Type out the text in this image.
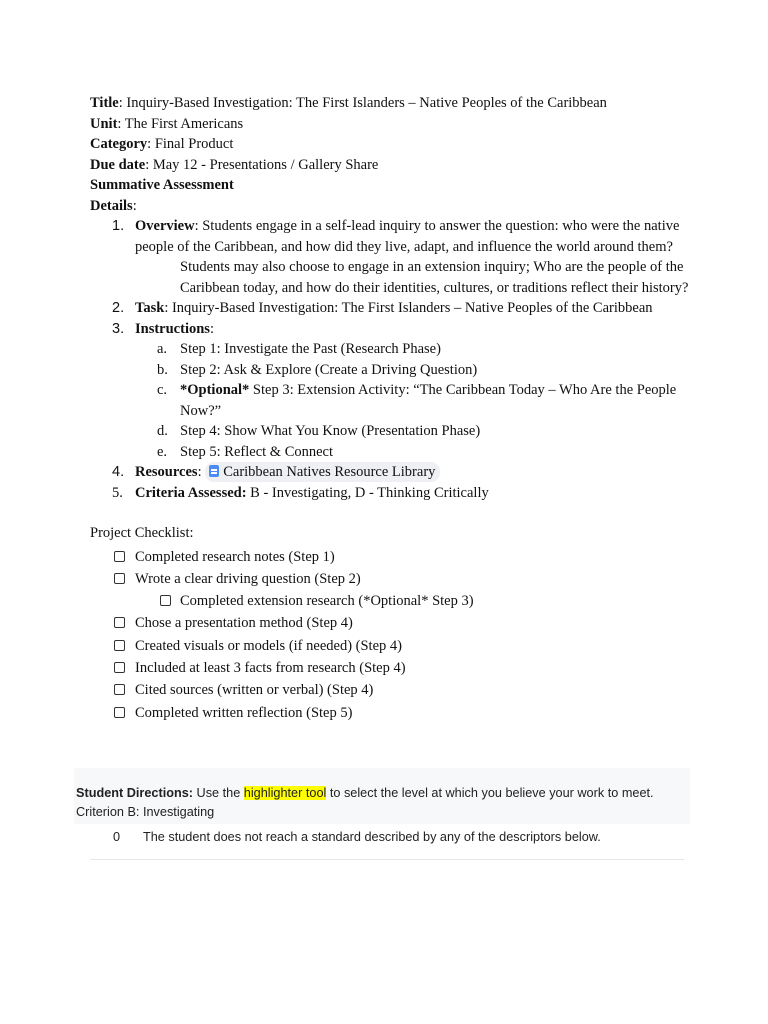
Title: Inquiry-Based Investigation: The First Islanders – Native Peoples of the Caribbean
Unit: The First Americans
Category: Final Product
Due date: May 12 - Presentations / Gallery Share
Summative Assessment
Details:
1. Overview: Students engage in a self-lead inquiry to answer the question: who were the native people of the Caribbean, and how did they live, adapt, and influence the world around them?
Students may also choose to engage in an extension inquiry; Who are the people of the Caribbean today, and how do their identities, cultures, or traditions reflect their history?
2. Task: Inquiry-Based Investigation: The First Islanders – Native Peoples of the Caribbean
3. Instructions:
a. Step 1: Investigate the Past (Research Phase)
b. Step 2: Ask & Explore (Create a Driving Question)
c. *Optional* Step 3: Extension Activity: “The Caribbean Today – Who Are the People Now?”
d. Step 4: Show What You Know (Presentation Phase)
e. Step 5: Reflect & Connect
4. Resources: Caribbean Natives Resource Library
5. Criteria Assessed: B - Investigating, D - Thinking Critically
Project Checklist:
Completed research notes (Step 1)
Wrote a clear driving question (Step 2)
Completed extension research (*Optional* Step 3)
Chose a presentation method (Step 4)
Created visuals or models (if needed) (Step 4)
Included at least 3 facts from research (Step 4)
Cited sources (written or verbal) (Step 4)
Completed written reflection (Step 5)
Student Directions: Use the highlighter tool to select the level at which you believe your work to meet.
Criterion B: Investigating
0 The student does not reach a standard described by any of the descriptors below.
